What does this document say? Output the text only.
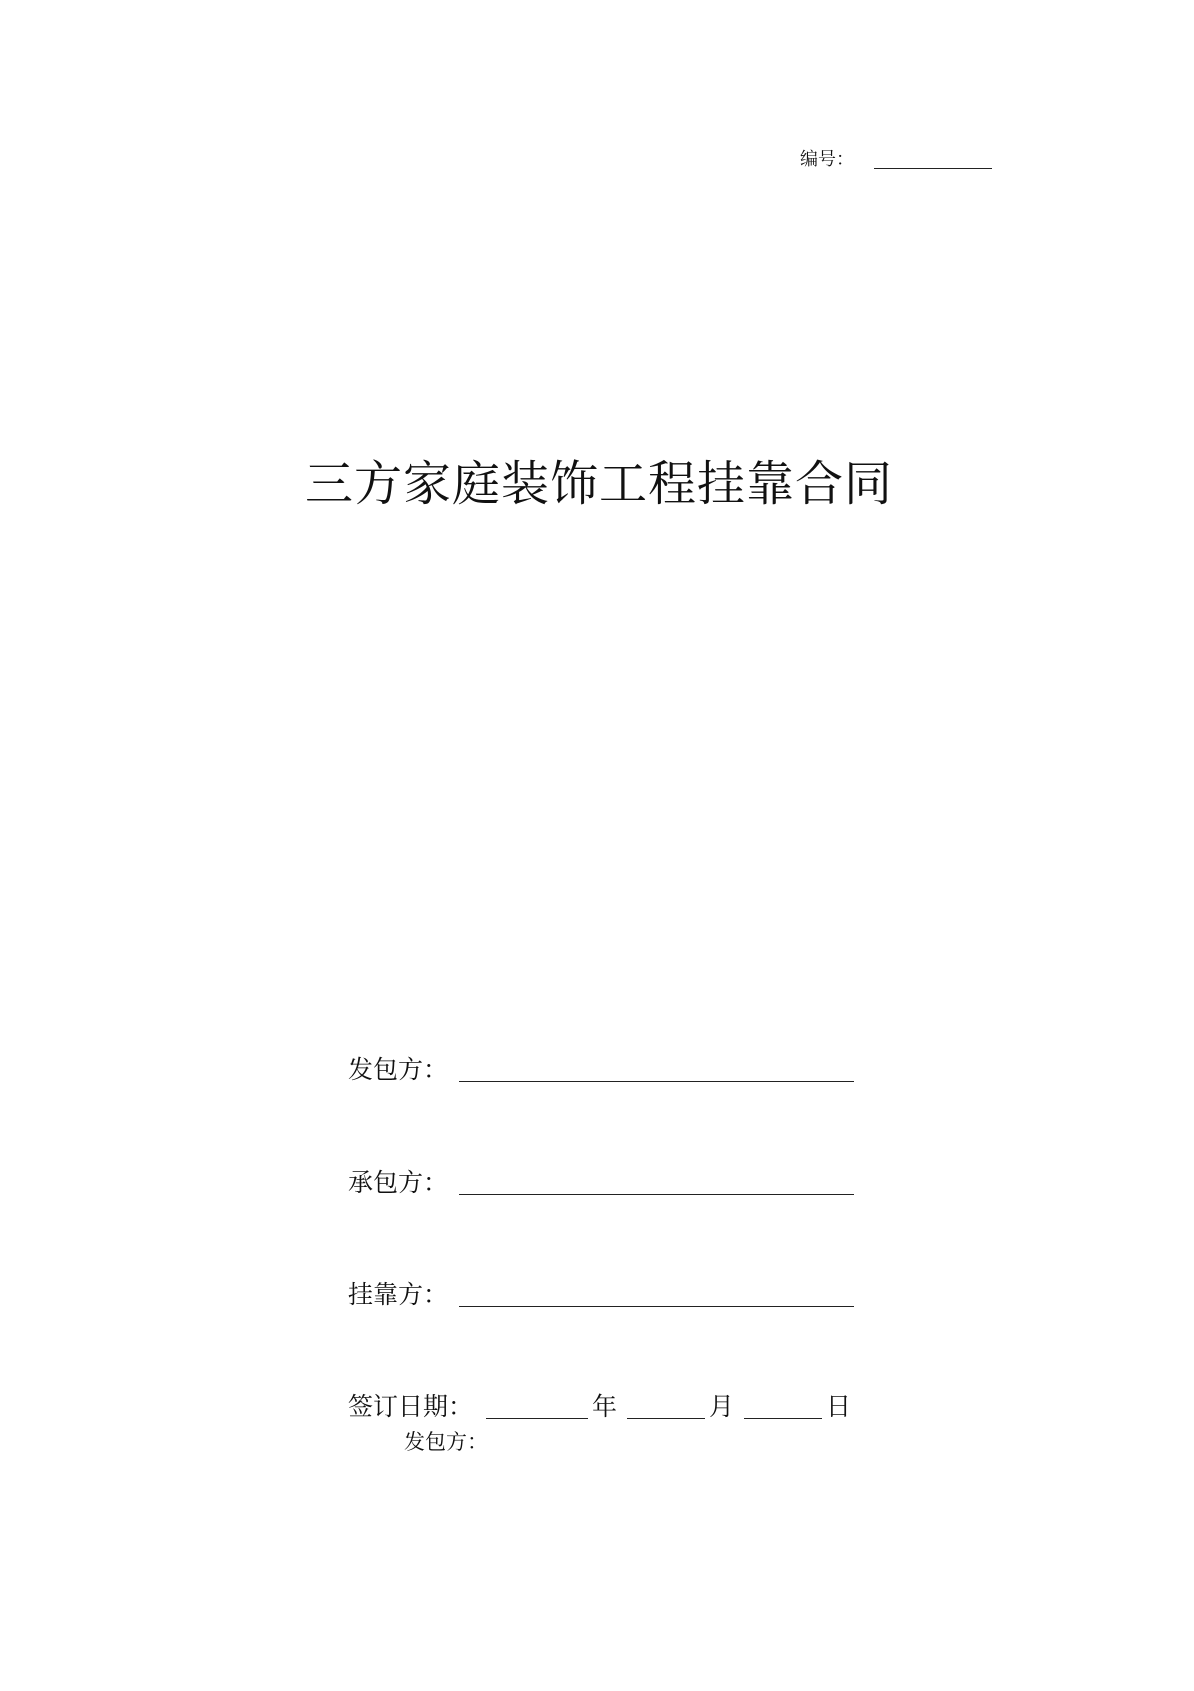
编号：
三方家庭装饰工程挂靠合同
发包方：
承包方：
挂靠方：
签订日期：	年	月	日
发包方：
